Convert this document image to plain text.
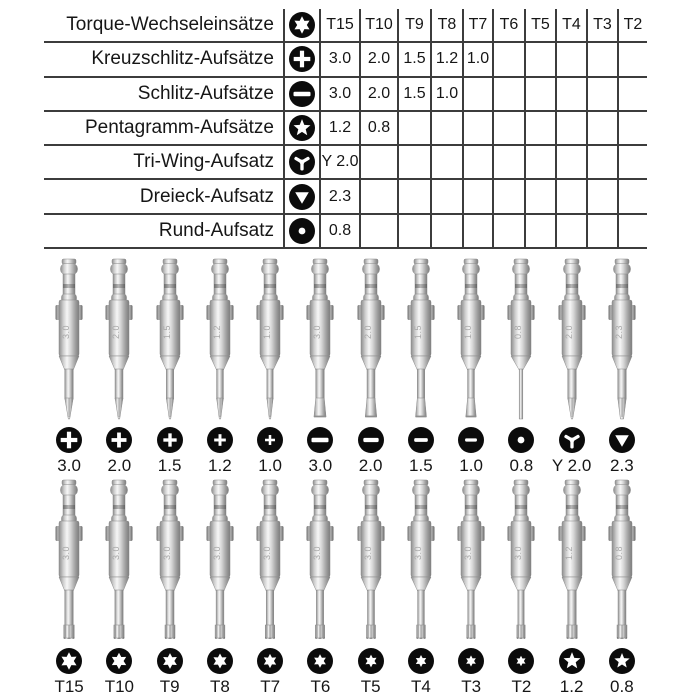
Torque-Wechseleinsätze	T15 T10 T9 T8 T7 T6 T5 T4 T3 T2
Kreuzschlitz-Aufsätze	3.0	2.0 1.5 1.2 1.0
Schlitz-Aufsätze	3.0	2.0 1.5 1.0
Pentagramm-Aufsätze	1.2	0.8
Tri-Wing-Aufsatz	Y 2.0
Dreieck-Aufsatz	2.3
Rund-Aufsatz	0.8
3.0
3.0
2.0
2.0
1.5
1.5
1.2
1.2
1.0
1.0
3.0
3.0
2.0
2.0
1.5
1.5
1.0
1.0
0.8
0.8
2.0
Y 2.0
2.3
2.3
3.0
T15
3.0
T10
3.0
T9
3.0
T8
3.0
T7
3.0
T6
3.0
T5
3.0
T4
3.0
T3
3.0
T2
1.2
1.2
0.8
0.8
